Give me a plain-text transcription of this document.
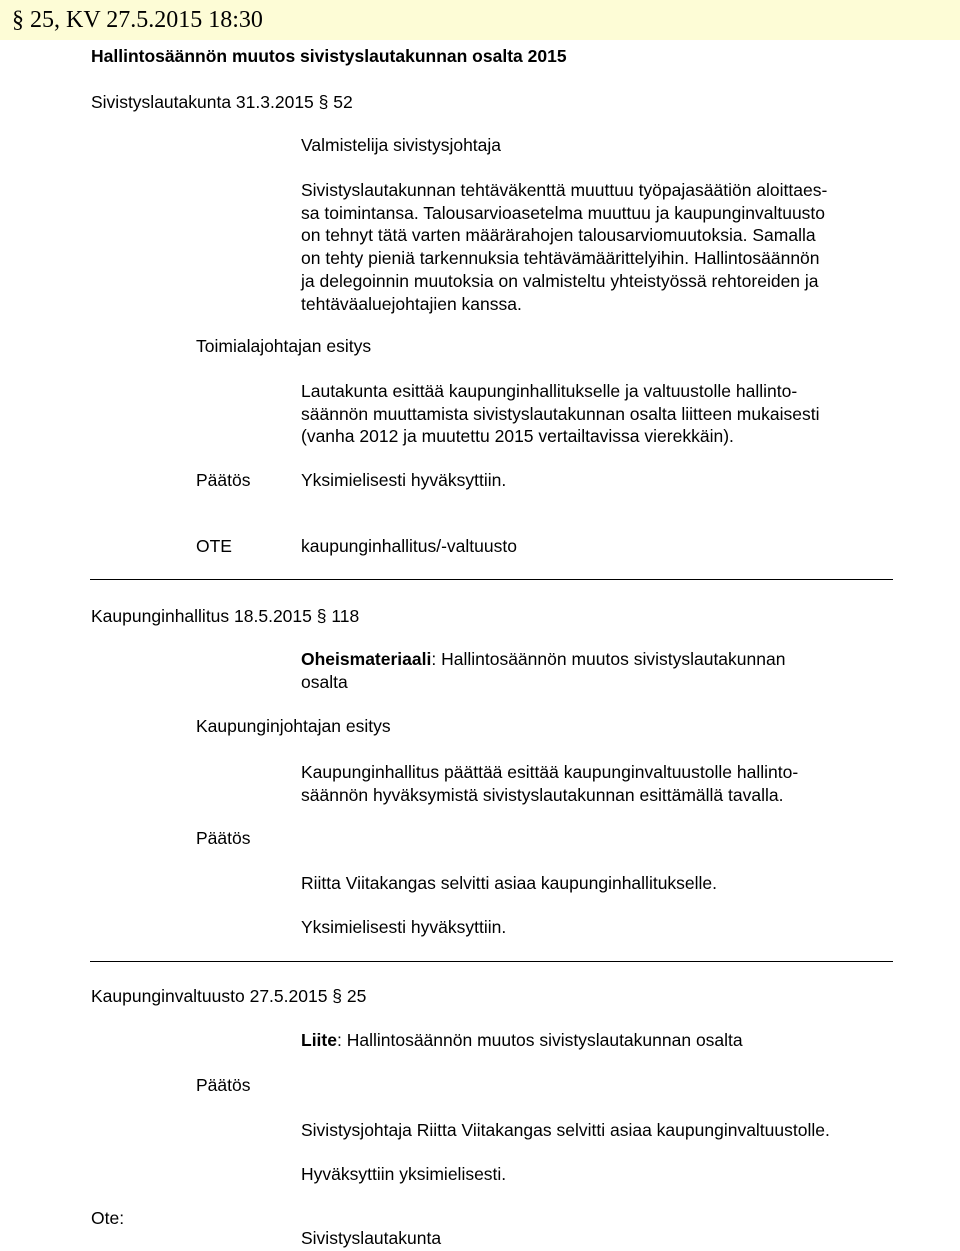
§ 25, KV 27.5.2015 18:30
Hallintosäännön muutos sivistyslautakunnan osalta 2015
Sivistyslautakunta 31.3.2015 § 52
Valmistelija sivistysjohtaja
Sivistyslautakunnan tehtäväkenttä muuttuu työpajasäätiön aloittaes-
sa toimintansa. Talousarvioasetelma muuttuu ja kaupunginvaltuusto
on tehnyt tätä varten määrärahojen talousarviomuutoksia. Samalla
on tehty pieniä tarkennuksia tehtävämäärittelyihin. Hallintosäännön
ja delegoinnin muutoksia on valmisteltu yhteistyössä rehtoreiden ja
tehtäväaluejohtajien kanssa.
Toimialajohtajan esitys
Lautakunta esittää kaupunginhallitukselle ja valtuustolle hallinto-
säännön muuttamista sivistyslautakunnan osalta liitteen mukaisesti
(vanha 2012 ja muutettu 2015 vertailtavissa vierekkäin).
Päätös	Yksimielisesti hyväksyttiin.
OTE	kaupunginhallitus/-valtuusto
Kaupunginhallitus 18.5.2015 § 118
Oheismateriaali: Hallintosäännön muutos sivistyslautakunnan
osalta
Kaupunginjohtajan esitys
Kaupunginhallitus päättää esittää kaupunginvaltuustolle hallinto-
säännön hyväksymistä sivistyslautakunnan esittämällä tavalla.
Päätös
Riitta Viitakangas selvitti asiaa kaupunginhallitukselle.
Yksimielisesti hyväksyttiin.
Kaupunginvaltuusto 27.5.2015 § 25
Liite: Hallintosäännön muutos sivistyslautakunnan osalta
Päätös
Sivistysjohtaja Riitta Viitakangas selvitti asiaa kaupunginvaltuustolle.
Hyväksyttiin yksimielisesti.
Ote:
Sivistyslautakunta
